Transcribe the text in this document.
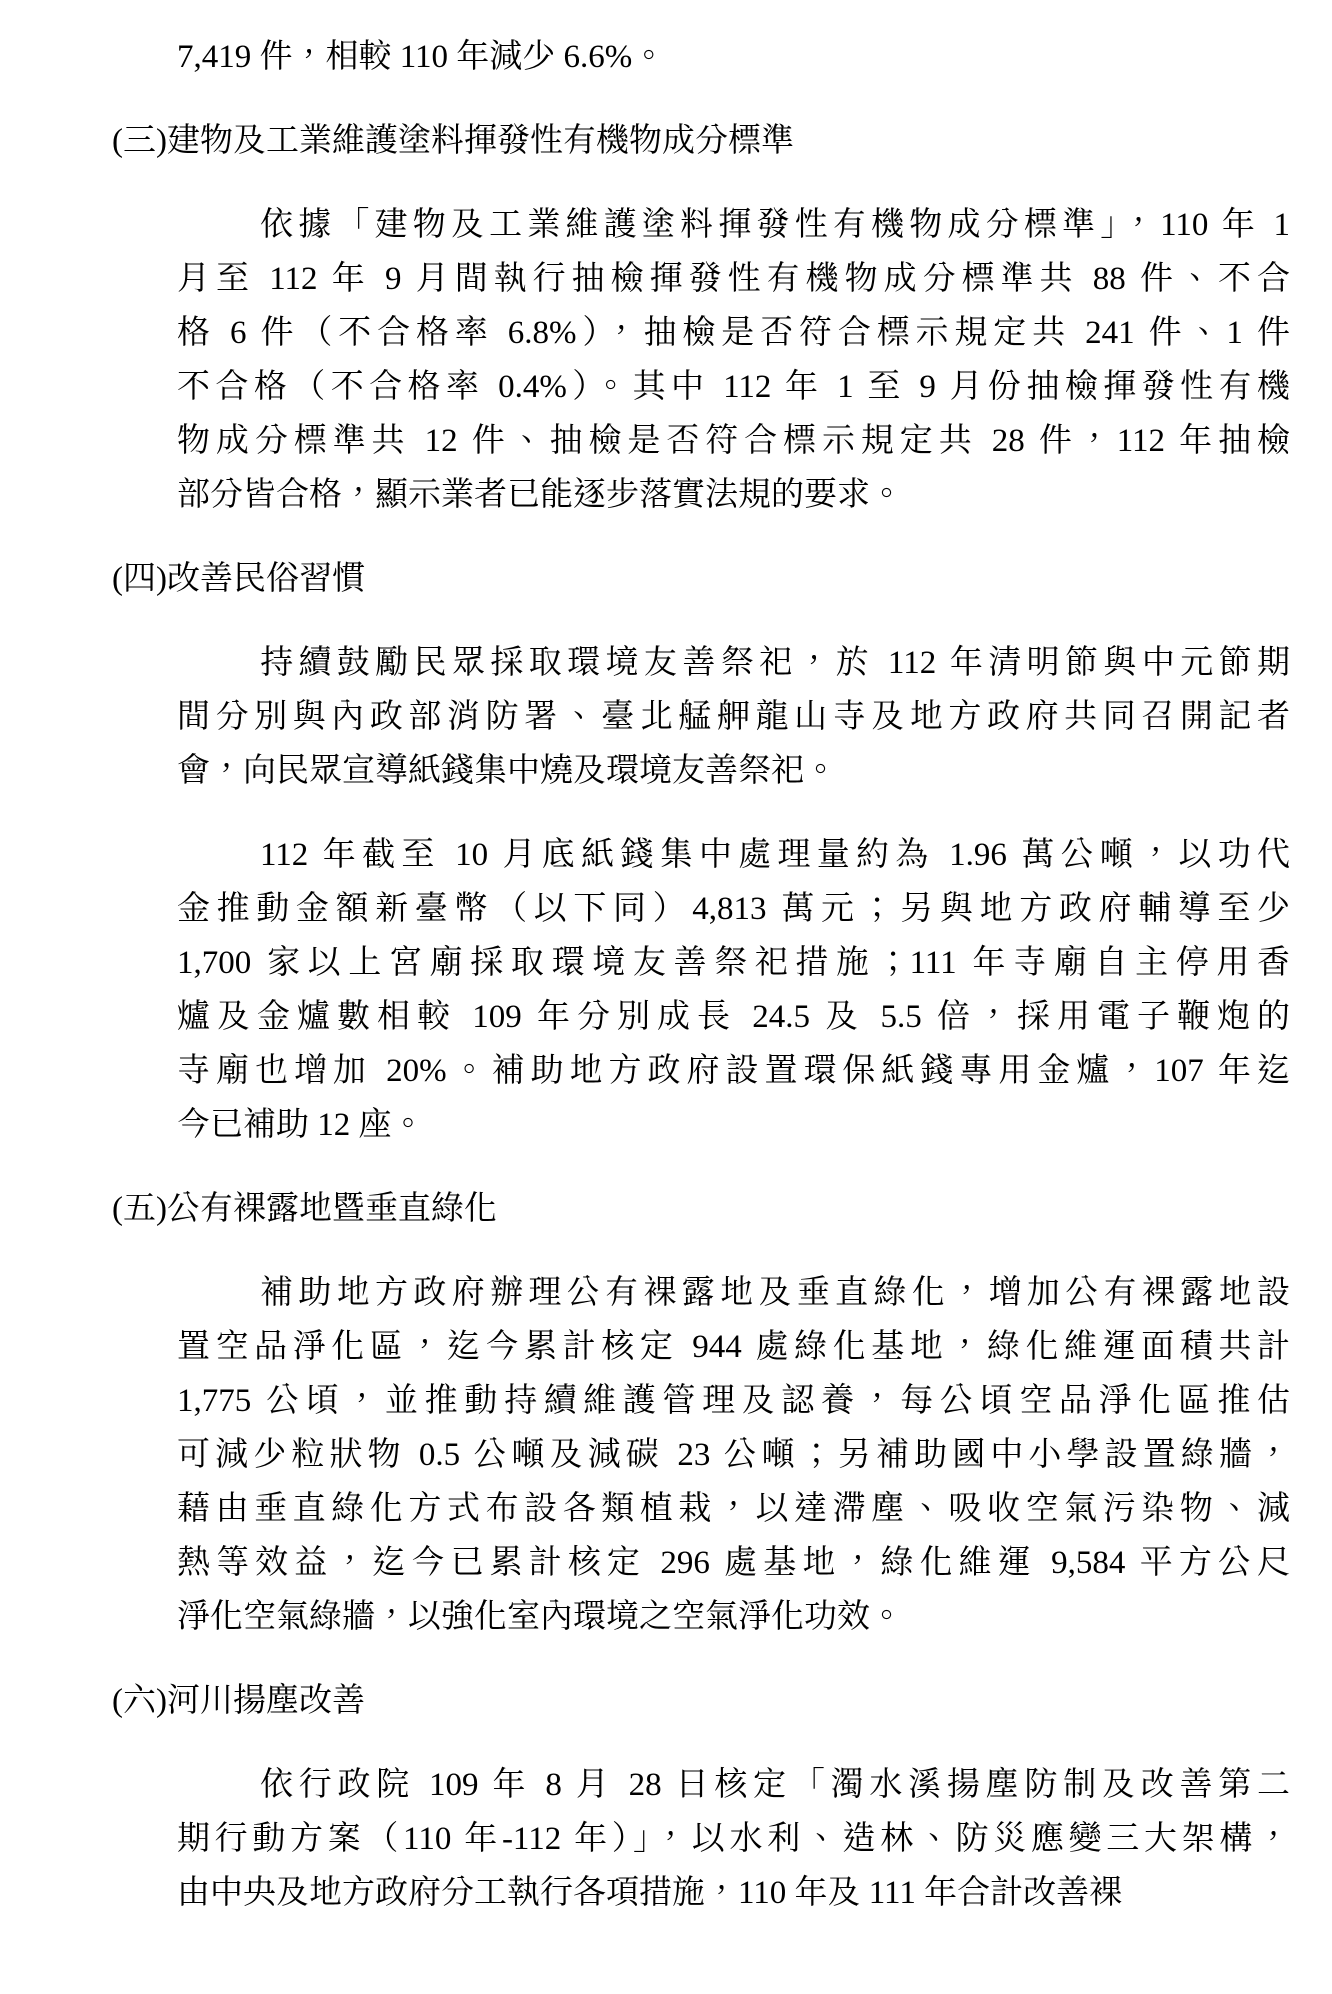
7,419 件，相較 110 年減少 6.6%。
(三)建物及工業維護塗料揮發性有機物成分標準
依據「建物及工業維護塗料揮發性有機物成分標準」，110 年 1
月至 112 年 9 月間執行抽檢揮發性有機物成分標準共 88 件、不合
格 6 件（不合格率 6.8%），抽檢是否符合標示規定共 241 件、1 件
不合格（不合格率 0.4%）。其中 112 年 1 至 9 月份抽檢揮發性有機
物成分標準共 12 件、抽檢是否符合標示規定共 28 件，112 年抽檢
部分皆合格，顯示業者已能逐步落實法規的要求。
(四)改善民俗習慣
持續鼓勵民眾採取環境友善祭祀，於 112 年清明節與中元節期
間分別與內政部消防署、臺北艋舺龍山寺及地方政府共同召開記者
會，向民眾宣導紙錢集中燒及環境友善祭祀。
112 年截至 10 月底紙錢集中處理量約為 1.96 萬公噸，以功代
金推動金額新臺幣（以下同）4,813 萬元；另與地方政府輔導至少
1,700 家以上宮廟採取環境友善祭祀措施；111 年寺廟自主停用香
爐及金爐數相較 109 年分別成長 24.5 及 5.5 倍，採用電子鞭炮的
寺廟也增加 20%。補助地方政府設置環保紙錢專用金爐，107 年迄
今已補助 12 座。
(五)公有裸露地暨垂直綠化
補助地方政府辦理公有裸露地及垂直綠化，增加公有裸露地設
置空品淨化區，迄今累計核定 944 處綠化基地，綠化維運面積共計
1,775 公頃，並推動持續維護管理及認養，每公頃空品淨化區推估
可減少粒狀物 0.5 公噸及減碳 23 公噸；另補助國中小學設置綠牆，
藉由垂直綠化方式布設各類植栽，以達滯塵、吸收空氣污染物、減
熱等效益，迄今已累計核定 296 處基地，綠化維運 9,584 平方公尺
淨化空氣綠牆，以強化室內環境之空氣淨化功效。
(六)河川揚塵改善
依行政院 109 年 8 月 28 日核定「濁水溪揚塵防制及改善第二
期行動方案（110 年-112 年）」，以水利、造林、防災應變三大架構，
由中央及地方政府分工執行各項措施，110 年及 111 年合計改善裸
